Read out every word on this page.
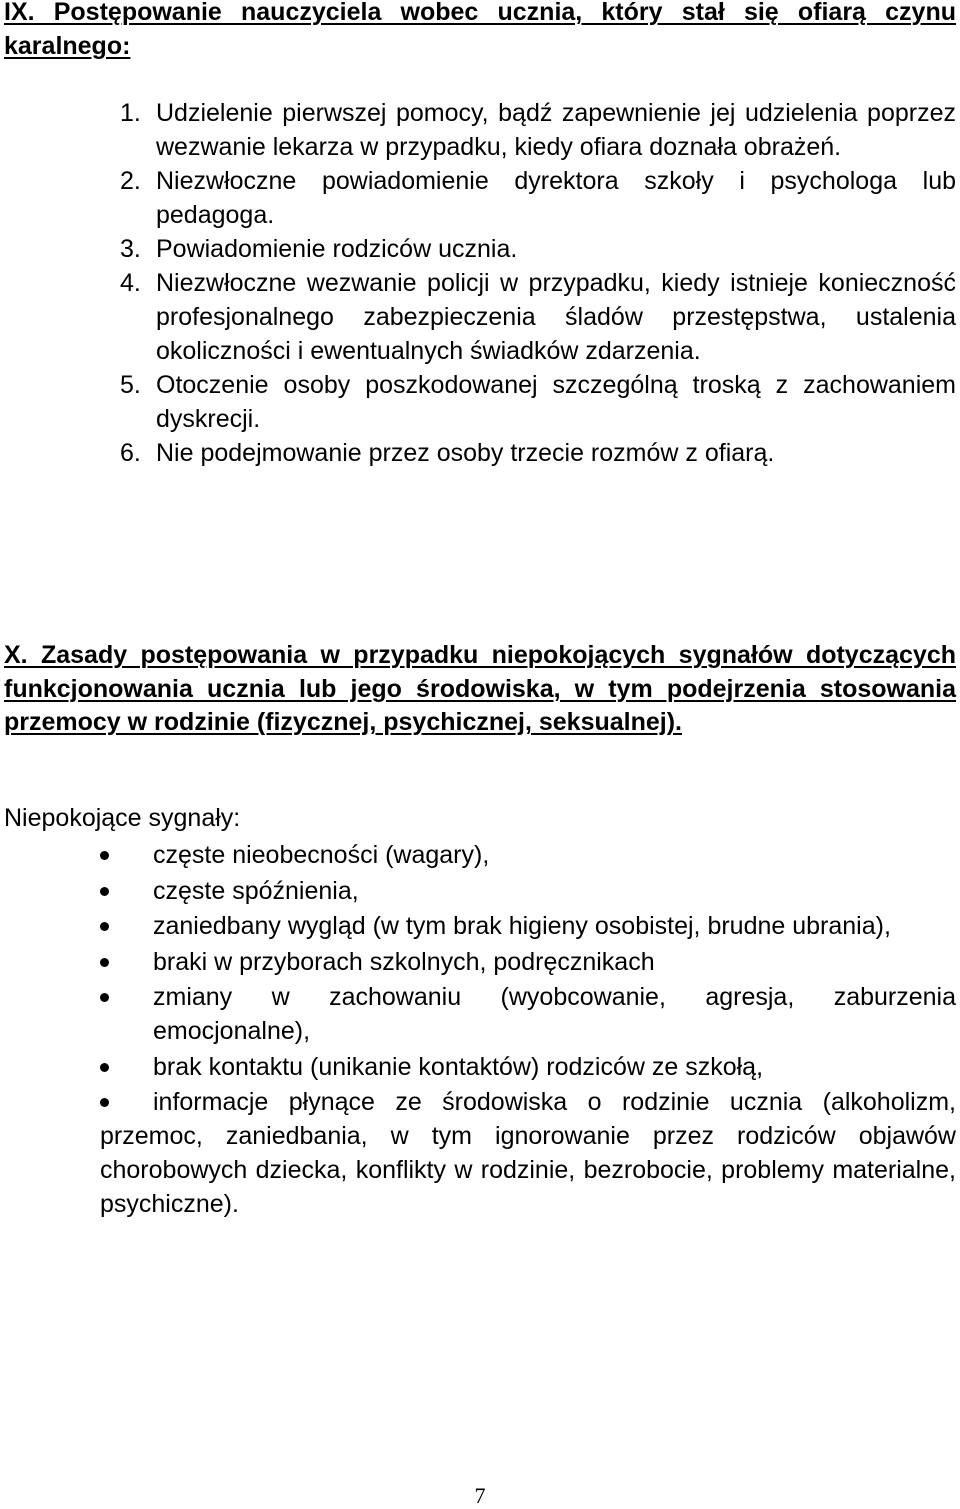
IX. Postępowanie nauczyciela wobec ucznia, który stał się ofiarą czynu karalnego:
1. Udzielenie pierwszej pomocy, bądź zapewnienie jej udzielenia poprzez wezwanie lekarza w przypadku, kiedy ofiara doznała obrażeń.
2. Niezwłoczne powiadomienie dyrektora szkoły i psychologa lub pedagoga.
3. Powiadomienie rodziców ucznia.
4. Niezwłoczne wezwanie policji w przypadku, kiedy istnieje konieczność profesjonalnego zabezpieczenia śladów przestępstwa, ustalenia okoliczności i ewentualnych świadków zdarzenia.
5. Otoczenie osoby poszkodowanej szczególną troską z zachowaniem dyskrecji.
6. Nie podejmowanie przez osoby trzecie rozmów z ofiarą.
X. Zasady postępowania w przypadku niepokojących sygnałów dotyczących funkcjonowania ucznia lub jego środowiska, w tym podejrzenia stosowania przemocy w rodzinie (fizycznej, psychicznej, seksualnej).

Niepokojące sygnały:

częste nieobecności (wagary),
częste spóźnienia,
zaniedbany wygląd (w tym brak higieny osobistej, brudne ubrania),
braki w przyborach szkolnych, podręcznikach
zmiany w zachowaniu (wyobcowanie, agresja, zaburzenia emocjonalne),
brak kontaktu (unikanie kontaktów) rodziców ze szkołą,
informacje płynące ze środowiska o rodzinie ucznia (alkoholizm, przemoc, zaniedbania, w tym ignorowanie przez rodziców objawów chorobowych dziecka, konflikty w rodzinie, bezrobocie, problemy materialne, psychiczne).
7
